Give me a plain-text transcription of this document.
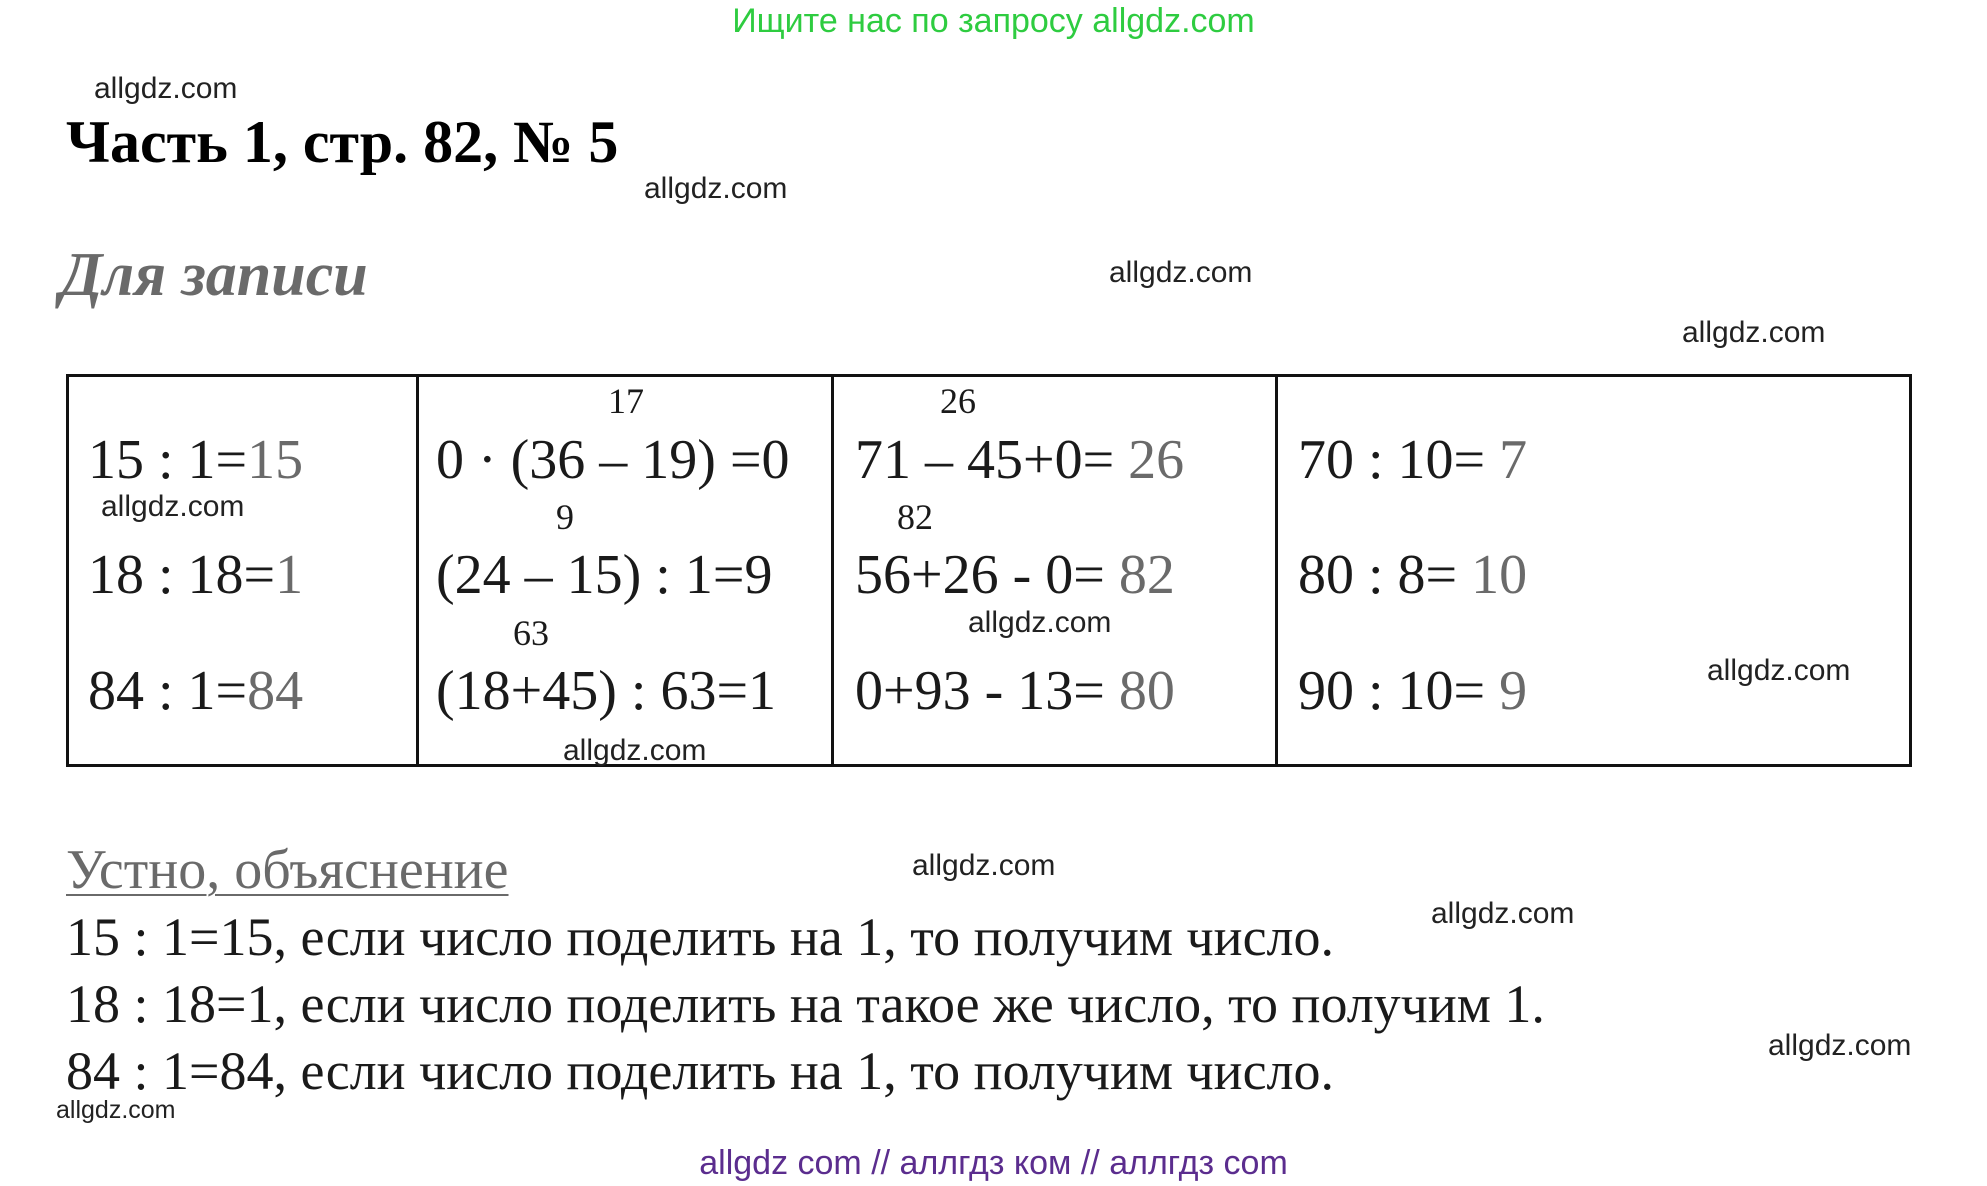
Ищите нас по запросу allgdz.com
Часть 1, стр. 82, № 5
Для записи
15 : 1=15
18 : 18=1
84 : 1=84
17
0 · (36 – 19) =0
9
(24 – 15) : 1=9
63
(18+45) : 63=1
26
71 – 45+0= 26
82
56+26 - 0= 82
0+93 - 13= 80
70 : 10= 7
80 : 8= 10
90 : 10= 9
Устно, объяснение
15 : 1=15, если число поделить на 1, то получим число.
18 : 18=1, если число поделить на такое же число, то получим 1.
84 : 1=84, если число поделить на 1, то получим число.
allgdz.com
allgdz.com
allgdz.com
allgdz.com
allgdz.com
allgdz.com
allgdz.com
allgdz.com
allgdz.com
allgdz.com
allgdz.com
allgdz.com
allgdz com // аллгдз ком // аллгдз com
